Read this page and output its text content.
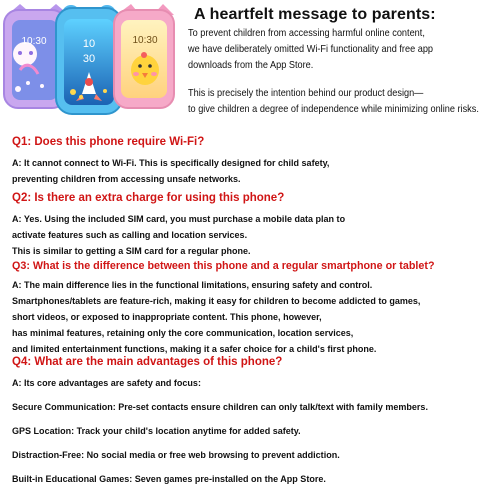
10:30	10
30
10:30
A heartfelt message to parents:
To prevent children from accessing harmful online content,
we have deliberately omitted Wi-Fi functionality and free app
downloads from the App Store.
This is precisely the intention behind our product design—
to give children a degree of independence while minimizing online risks.
Q1: Does this phone require Wi-Fi?
A: It cannot connect to Wi-Fi. This is specifically designed for child safety,
preventing children from accessing unsafe networks.
Q2: Is there an extra charge for using this phone?
A: Yes. Using the included SIM card, you must purchase a mobile data plan to
activate features such as calling and location services.
This is similar to getting a SIM card for a regular phone.
Q3: What is the difference between this phone and a regular smartphone or tablet?
A: The main difference lies in the functional limitations, ensuring safety and control.
Smartphones/tablets are feature-rich, making it easy for children to become addicted to games,
short videos, or exposed to inappropriate content. This phone, however,
has minimal features, retaining only the core communication, location services,
and limited entertainment functions, making it a safer choice for a child's first phone.
Q4: What are the main advantages of this phone?
A: Its core advantages are safety and focus:
Secure Communication: Pre-set contacts ensure children can only talk/text with family members.
GPS Location: Track your child's location anytime for added safety.
Distraction-Free: No social media or free web browsing to prevent addiction.
Built-in Educational Games: Seven games pre-installed on the App Store.
